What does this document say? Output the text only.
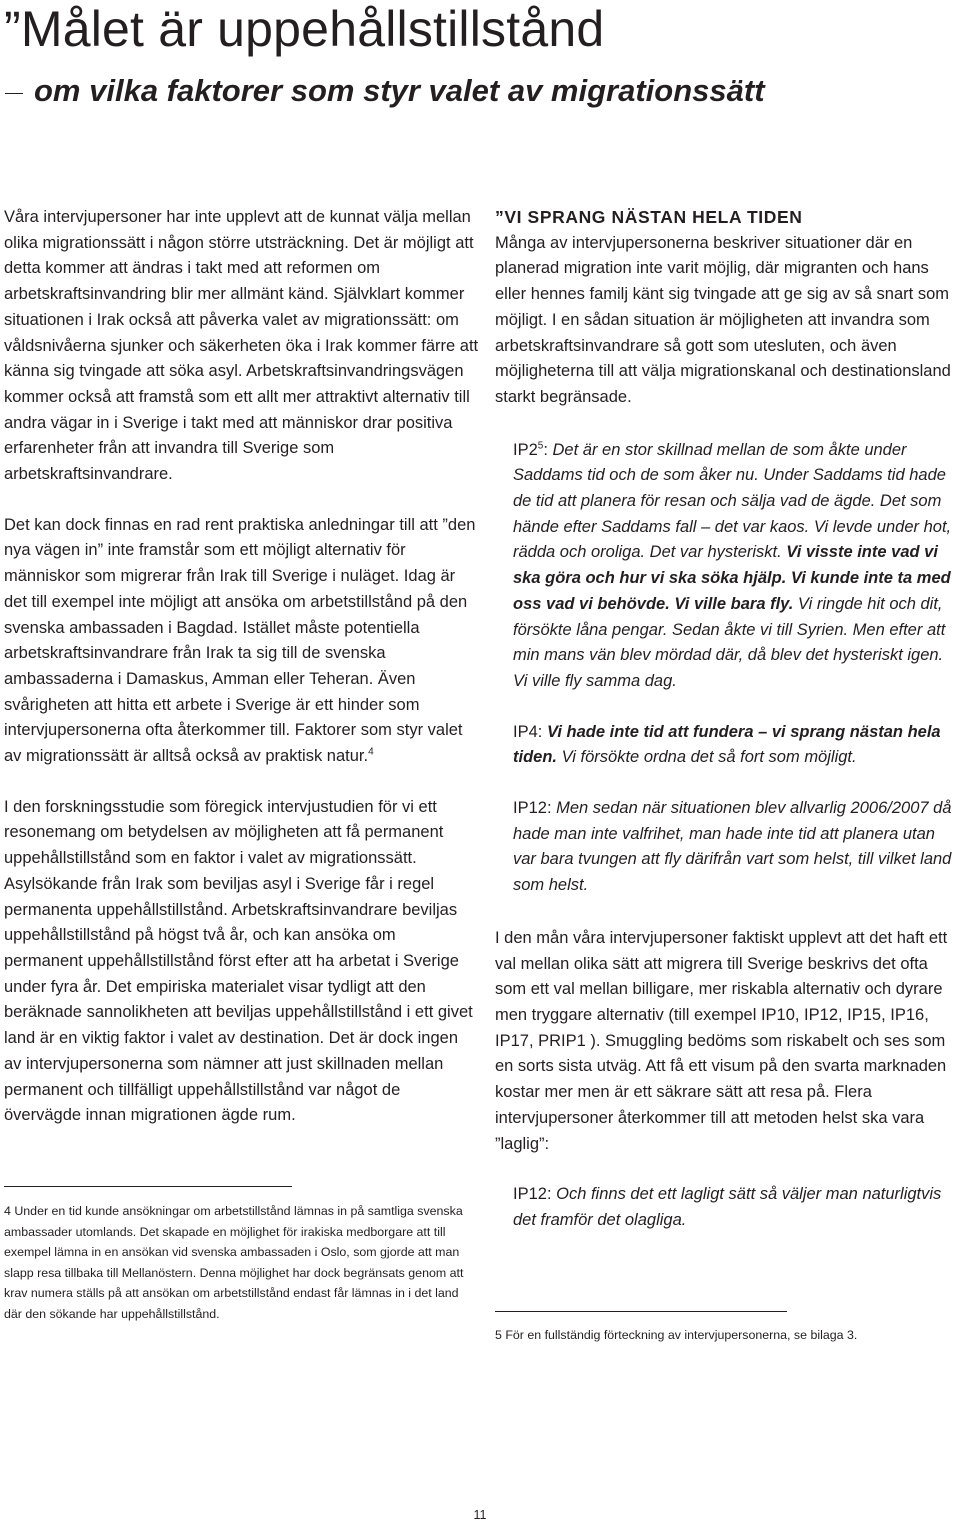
”Målet är uppehållstillstånd
om vilka faktorer som styr valet av migrationssätt

Våra intervjupersoner har inte upplevt att de kunnat välja mellan olika migrationssätt i någon större utsträckning. Det är möjligt att detta kommer att ändras i takt med att reformen om arbetskraftsinvandring blir mer allmänt känd. Självklart kommer situationen i Irak också att påverka valet av migrationssätt: om våldsnivåerna sjunker och säkerheten öka i Irak kommer färre att känna sig tvingade att söka asyl. Arbetskraftsinvandringsvägen kommer också att framstå som ett allt mer attraktivt alternativ till andra vägar in i Sverige i takt med att människor drar positiva erfarenheter från att invandra till Sverige som arbetskraftsinvandrare.

Det kan dock finnas en rad rent praktiska anledningar till att ”den nya vägen in” inte framstår som ett möjligt alternativ för människor som migrerar från Irak till Sverige i nuläget. Idag är det till exempel inte möjligt att ansöka om arbetstillstånd på den svenska ambassaden i Bagdad. Istället måste potentiella arbetskraftsinvandrare från Irak ta sig till de svenska ambassaderna i Damaskus, Amman eller Teheran. Även svårigheten att hitta ett arbete i Sverige är ett hinder som intervjupersonerna ofta återkommer till. Faktorer som styr valet av migrationssätt är alltså också av praktisk natur.$^4$

I den forskningsstudie som föregick intervjustudien för vi ett resonemang om betydelsen av möjligheten att få permanent uppehållstillstånd som en faktor i valet av migrationssätt. Asylsökande från Irak som beviljas asyl i Sverige får i regel permanenta uppehållstillstånd. Arbetskraftsinvandrare beviljas uppehållstillstånd på högst två år, och kan ansöka om permanent uppehållstillstånd först efter att ha arbetat i Sverige under fyra år. Det empiriska materialet visar tydligt att den beräknade sannolikheten att beviljas uppehållstillstånd i ett givet land är en viktig faktor i valet av destination. Det är dock ingen av intervjupersonerna som nämner att just skillnaden mellan permanent och tillfälligt uppehållstillstånd var något de övervägde innan migrationen ägde rum.

”VI SPRANG NÄSTAN HELA TIDEN

Många av intervjupersonerna beskriver situationer där en planerad migration inte varit möjlig, där migranten och hans eller hennes familj känt sig tvingade att ge sig av så snart som möjligt. I en sådan situation är möjligheten att invandra som arbetskraftsinvandrare så gott som utesluten, och även möjligheterna till att välja migrationskanal och destinationsland starkt begränsade.

$IP2^5$: Det är en stor skillnad mellan de som åkte under Saddams tid och de som åker nu. Under Saddams tid hade de tid att planera för resan och sälja vad de ägde. Det som hände efter Saddams fall – det var kaos. Vi levde under hot, rädda och oroliga. Det var hysteriskt. Vi visste inte vad vi ska göra och hur vi ska söka hjälp. Vi kunde inte ta med oss vad vi behövde. Vi ville bara fly. Vi ringde hit och dit, försökte låna pengar. Sedan åkte vi till Syrien. Men efter att min mans vän blev mördad där, då blev det hysteriskt igen. Vi ville fly samma dag.

IP4: Vi hade inte tid att fundera – vi sprang nästan hela tiden. Vi försökte ordna det så fort som möjligt.

IP12: Men sedan när situationen blev allvarlig 2006/2007 då hade man inte valfrihet, man hade inte tid att planera utan var bara tvungen att fly därifrån vart som helst, till vilket land som helst.

I den mån våra intervjupersoner faktiskt upplevt att det haft ett val mellan olika sätt att migrera till Sverige beskrivs det ofta som ett val mellan billigare, mer riskabla alternativ och dyrare men tryggare alternativ (till exempel IP10, IP12, IP15, IP16, IP17, PRIP1 ). Smuggling bedöms som riskabelt och ses som en sorts sista utväg. Att få ett visum på den svarta marknaden kostar mer men är ett säkrare sätt att resa på. Flera intervjupersoner återkommer till att metoden helst ska vara ”laglig”:

IP12: Och finns det ett lagligt sätt så väljer man naturligtvis det framför det olagliga.

4 Under en tid kunde ansökningar om arbetstillstånd lämnas in på samtliga svenska ambassader utomlands. Det skapade en möjlighet för irakiska medborgare att till exempel lämna in en ansökan vid svenska ambassaden i Oslo, som gjorde att man slapp resa tillbaka till Mellanöstern. Denna möjlighet har dock begränsats genom att krav numera ställs på att ansökan om arbetstillstånd endast får lämnas in i det land där den sökande har uppehållstillstånd.

5 För en fullständig förteckning av intervjupersonerna, se bilaga 3.

11
